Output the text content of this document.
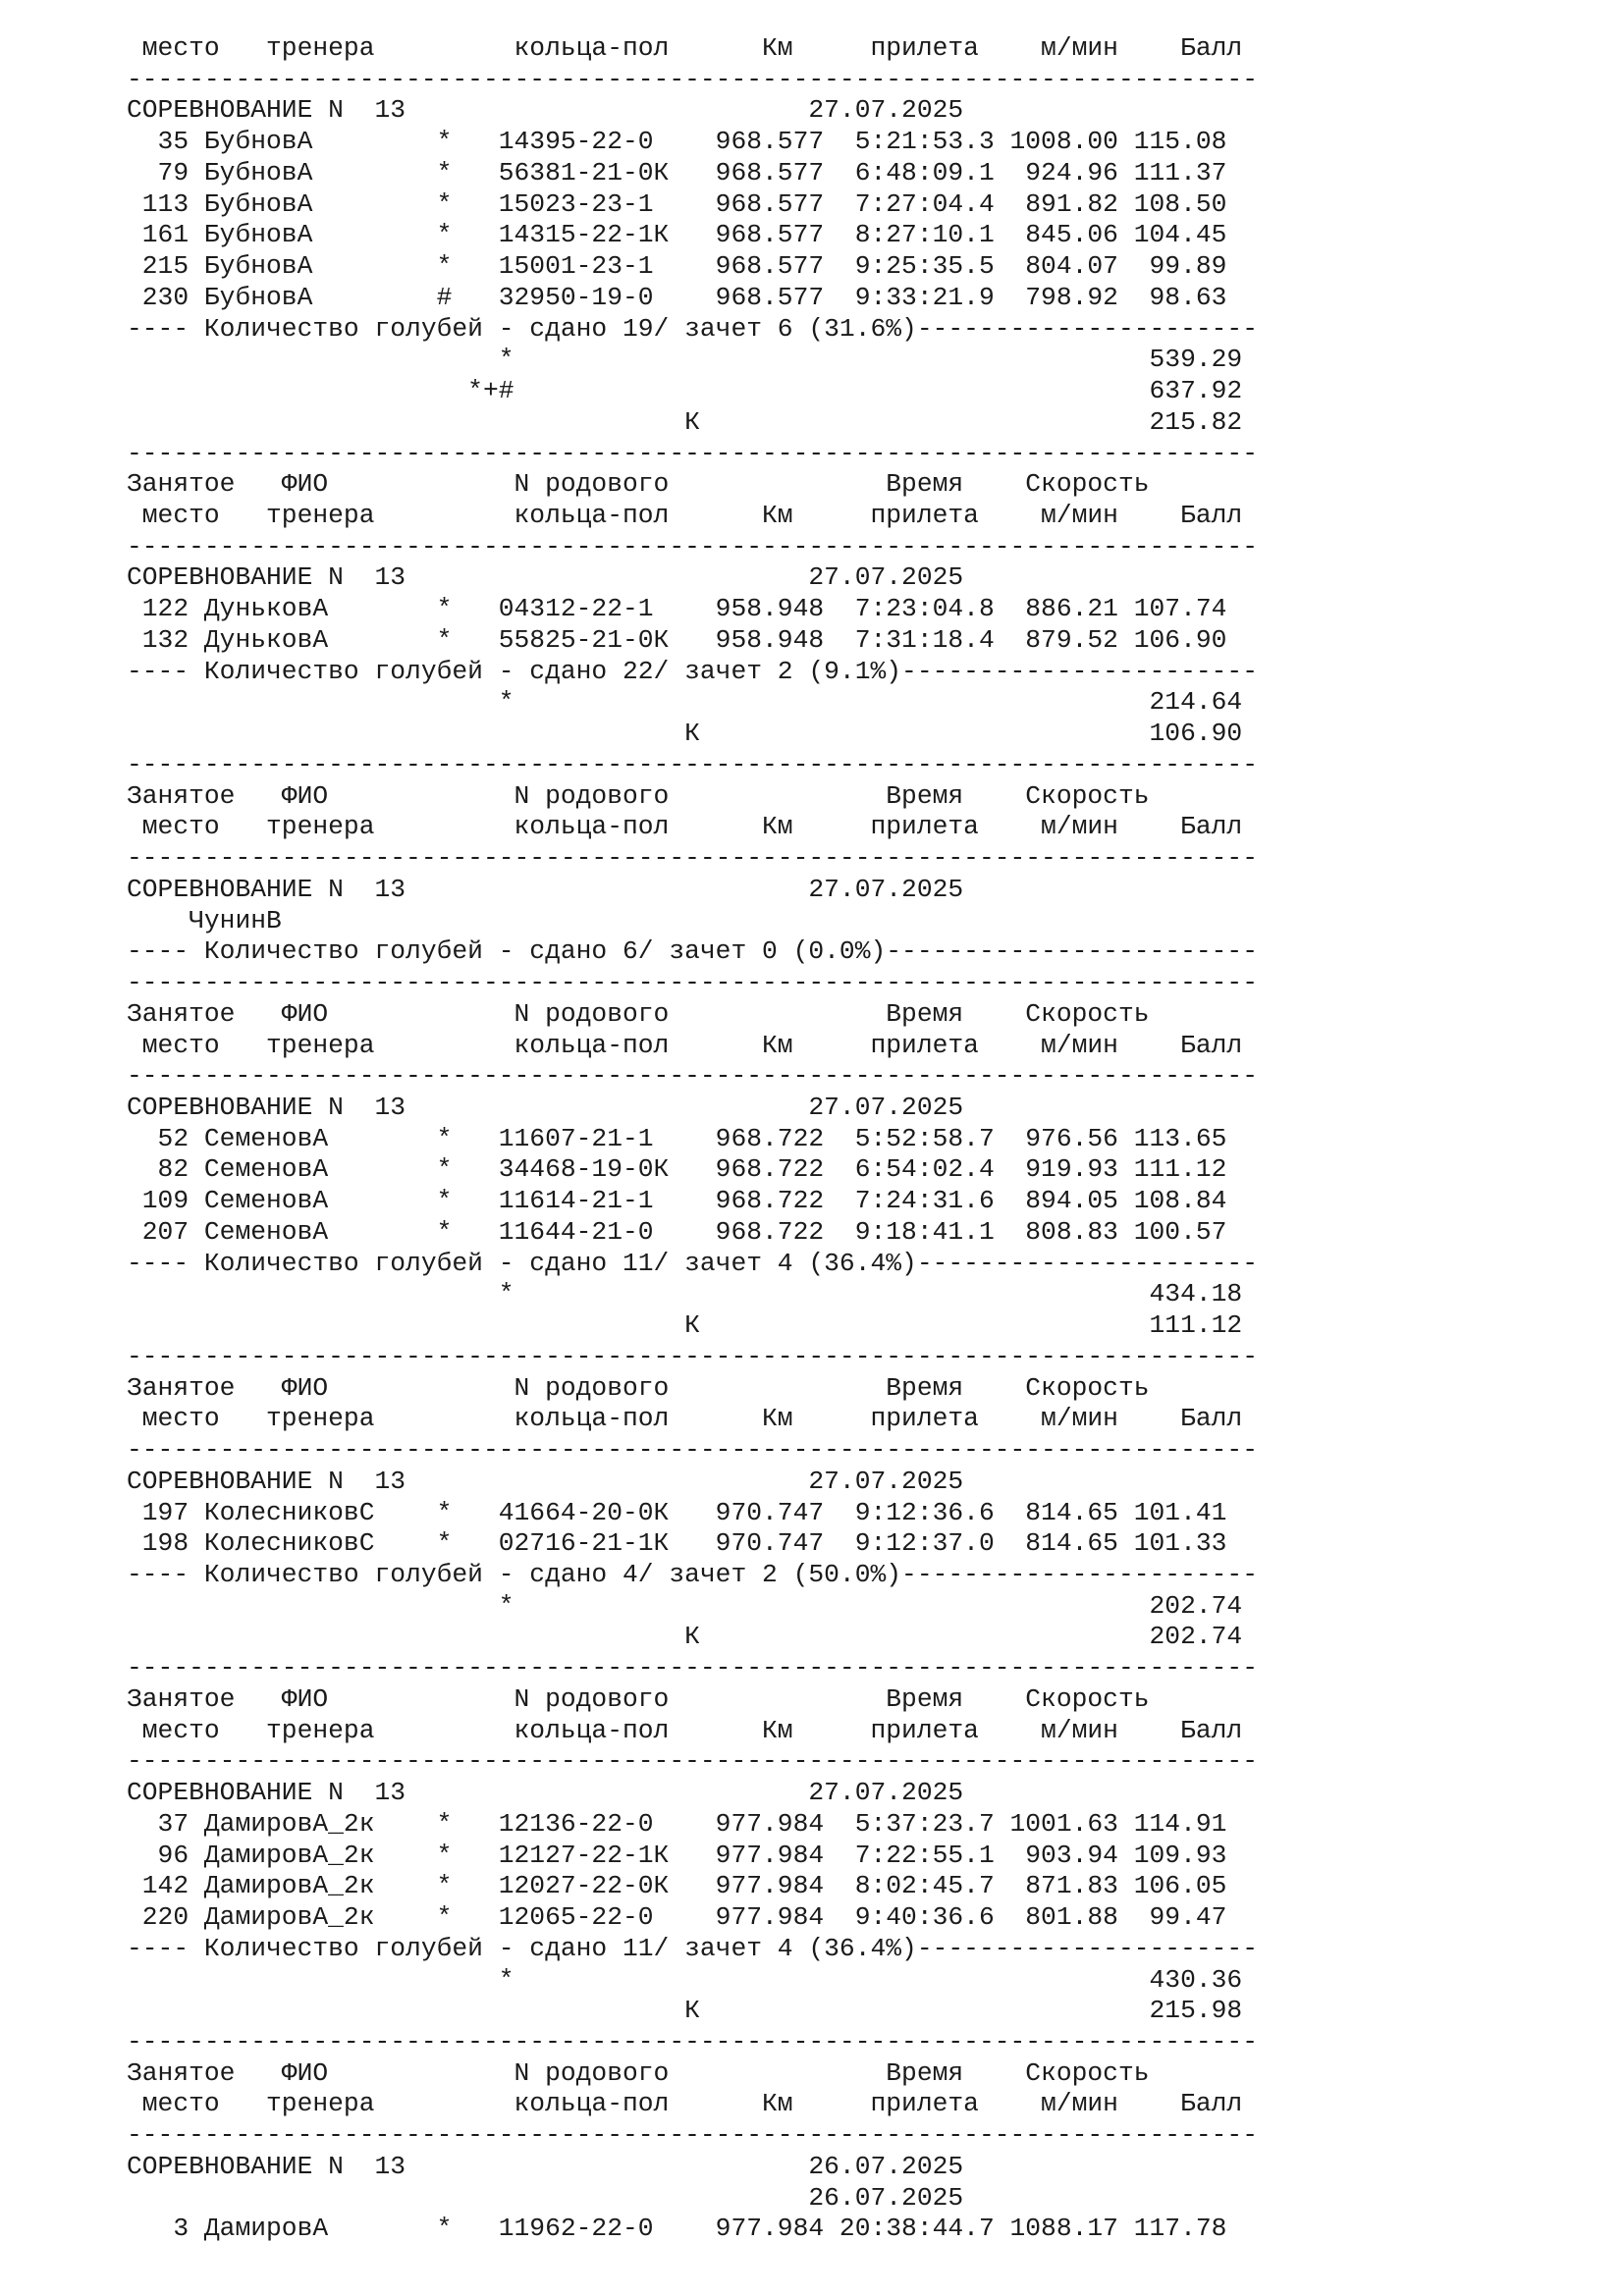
место   тренера         кольца-пол      Км     прилета    м/мин    Балл
-------------------------------------------------------------------------
СОРЕВНОВАНИЕ N  13                          27.07.2025
35 БубновА        *   14395-22-0    968.577  5:21:53.3 1008.00 115.08
79 БубновА        *   56381-21-0К   968.577  6:48:09.1  924.96 111.37
113 БубновА        *   15023-23-1    968.577  7:27:04.4  891.82 108.50
161 БубновА        *   14315-22-1К   968.577  8:27:10.1  845.06 104.45
215 БубновА        *   15001-23-1    968.577  9:25:35.5  804.07  99.89
230 БубновА        #   32950-19-0    968.577  9:33:21.9  798.92  98.63
---- Количество голубей - сдано 19/ зачет 6 (31.6%)----------------------
*                                         539.29
*+#                                         637.92
К                             215.82
-------------------------------------------------------------------------
Занятое   ФИО            N родового              Время    Скорость
место   тренера         кольца-пол      Км     прилета    м/мин    Балл
-------------------------------------------------------------------------
СОРЕВНОВАНИЕ N  13                          27.07.2025
122 ДуньковА       *   04312-22-1    958.948  7:23:04.8  886.21 107.74
132 ДуньковА       *   55825-21-0К   958.948  7:31:18.4  879.52 106.90
---- Количество голубей - сдано 22/ зачет 2 (9.1%)-----------------------
*                                         214.64
К                             106.90
-------------------------------------------------------------------------
Занятое   ФИО            N родового              Время    Скорость
место   тренера         кольца-пол      Км     прилета    м/мин    Балл
-------------------------------------------------------------------------
СОРЕВНОВАНИЕ N  13                          27.07.2025
ЧунинВ
---- Количество голубей - сдано 6/ зачет 0 (0.0%)------------------------
-------------------------------------------------------------------------
Занятое   ФИО            N родового              Время    Скорость
место   тренера         кольца-пол      Км     прилета    м/мин    Балл
-------------------------------------------------------------------------
СОРЕВНОВАНИЕ N  13                          27.07.2025
52 СеменовА       *   11607-21-1    968.722  5:52:58.7  976.56 113.65
82 СеменовА       *   34468-19-0К   968.722  6:54:02.4  919.93 111.12
109 СеменовА       *   11614-21-1    968.722  7:24:31.6  894.05 108.84
207 СеменовА       *   11644-21-0    968.722  9:18:41.1  808.83 100.57
---- Количество голубей - сдано 11/ зачет 4 (36.4%)----------------------
*                                         434.18
К                             111.12
-------------------------------------------------------------------------
Занятое   ФИО            N родового              Время    Скорость
место   тренера         кольца-пол      Км     прилета    м/мин    Балл
-------------------------------------------------------------------------
СОРЕВНОВАНИЕ N  13                          27.07.2025
197 КолесниковС    *   41664-20-0К   970.747  9:12:36.6  814.65 101.41
198 КолесниковС    *   02716-21-1К   970.747  9:12:37.0  814.65 101.33
---- Количество голубей - сдано 4/ зачет 2 (50.0%)-----------------------
*                                         202.74
К                             202.74
-------------------------------------------------------------------------
Занятое   ФИО            N родового              Время    Скорость
место   тренера         кольца-пол      Км     прилета    м/мин    Балл
-------------------------------------------------------------------------
СОРЕВНОВАНИЕ N  13                          27.07.2025
37 ДамировА_2к    *   12136-22-0    977.984  5:37:23.7 1001.63 114.91
96 ДамировА_2к    *   12127-22-1К   977.984  7:22:55.1  903.94 109.93
142 ДамировА_2к    *   12027-22-0К   977.984  8:02:45.7  871.83 106.05
220 ДамировА_2к    *   12065-22-0    977.984  9:40:36.6  801.88  99.47
---- Количество голубей - сдано 11/ зачет 4 (36.4%)----------------------
*                                         430.36
К                             215.98
-------------------------------------------------------------------------
Занятое   ФИО            N родового              Время    Скорость
место   тренера         кольца-пол      Км     прилета    м/мин    Балл
-------------------------------------------------------------------------
СОРЕВНОВАНИЕ N  13                          26.07.2025
26.07.2025
3 ДамировА       *   11962-22-0    977.984 20:38:44.7 1088.17 117.78
